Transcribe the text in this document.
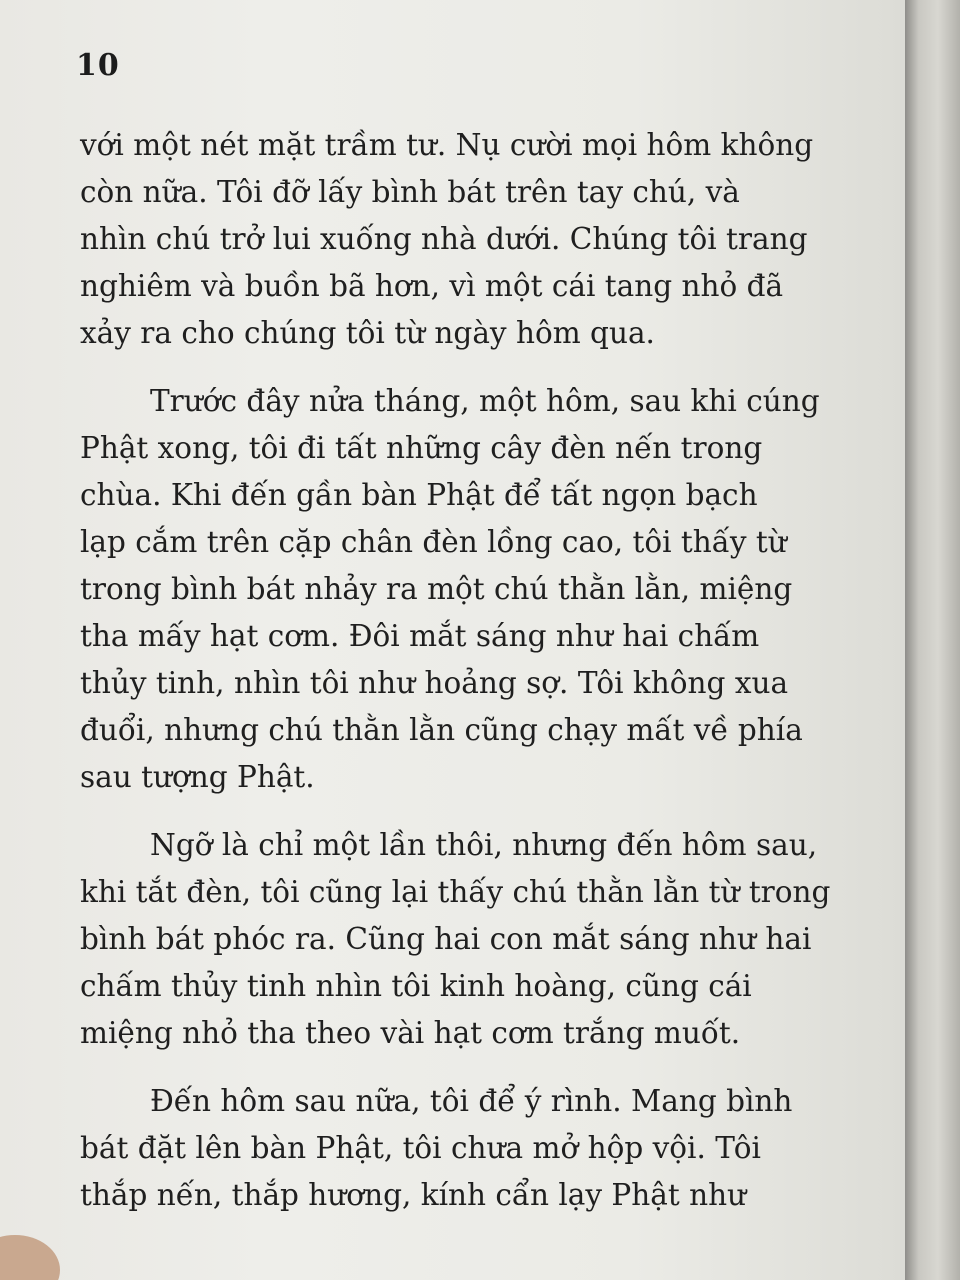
10

với một nét mặt trầm tư. Nụ cười mọi hôm không
còn nữa. Tôi đỡ lấy bình bát trên tay chú, và
nhìn chú trở lui xuống nhà dưới. Chúng tôi trang
nghiêm và buồn bã hơn, vì một cái tang nhỏ đã
xảy ra cho chúng tôi từ ngày hôm qua.

Trước đây nửa tháng, một hôm, sau khi cúng
Phật xong, tôi đi tất những cây đèn nến trong
chùa. Khi đến gần bàn Phật để tất ngọn bạch
lạp cắm trên cặp chân đèn lồng cao, tôi thấy từ
trong bình bát nhảy ra một chú thằn lằn, miệng
tha mấy hạt cơm. Đôi mắt sáng như hai chấm
thủy tinh, nhìn tôi như hoảng sợ. Tôi không xua
đuổi, nhưng chú thằn lằn cũng chạy mất về phía
sau tượng Phật.

Ngỡ là chỉ một lần thôi, nhưng đến hôm sau,
khi tắt đèn, tôi cũng lại thấy chú thằn lằn từ trong
bình bát phóc ra. Cũng hai con mắt sáng như hai
chấm thủy tinh nhìn tôi kinh hoàng, cũng cái
miệng nhỏ tha theo vài hạt cơm trắng muốt.

Đến hôm sau nữa, tôi để ý rình. Mang bình
bát đặt lên bàn Phật, tôi chưa mở hộp vội. Tôi
thắp nến, thắp hương, kính cẩn lạy Phật như
